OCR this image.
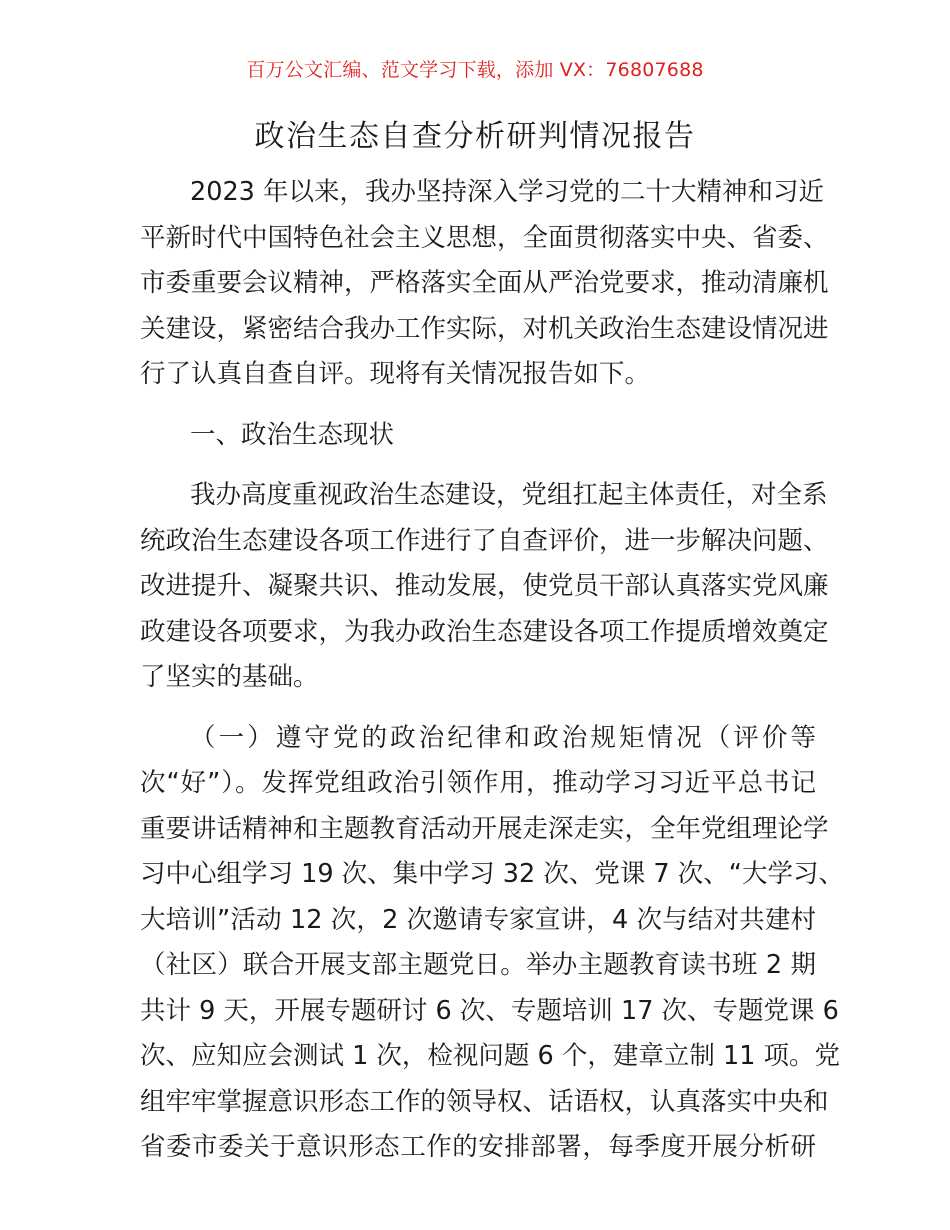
百万公文汇编、范文学习下载，添加 VX：76807688
政治生态自查分析研判情况报告
2023 年以来，我办坚持深入学习党的二十大精神和习近
平新时代中国特色社会主义思想，全面贯彻落实中央、省委、
市委重要会议精神，严格落实全面从严治党要求，推动清廉机
关建设，紧密结合我办工作实际，对机关政治生态建设情况进
行了认真自查自评。现将有关情况报告如下。
一、政治生态现状
我办高度重视政治生态建设，党组扛起主体责任，对全系
统政治生态建设各项工作进行了自查评价，进一步解决问题、
改进提升、凝聚共识、推动发展，使党员干部认真落实党风廉
政建设各项要求，为我办政治生态建设各项工作提质增效奠定
了坚实的基础。
（一）遵守党的政治纪律和政治规矩情况（评价等
次“好”）。发挥党组政治引领作用，推动学习习近平总书记
重要讲话精神和主题教育活动开展走深走实，全年党组理论学
习中心组学习 19 次、集中学习 32 次、党课 7 次、“大学习、
大培训”活动 12 次，2 次邀请专家宣讲，4 次与结对共建村
（社区）联合开展支部主题党日。举办主题教育读书班 2 期
共计 9 天，开展专题研讨 6 次、专题培训 17 次、专题党课 6
次、应知应会测试 1 次，检视问题 6 个，建章立制 11 项。党
组牢牢掌握意识形态工作的领导权、话语权，认真落实中央和
省委市委关于意识形态工作的安排部署，每季度开展分析研
